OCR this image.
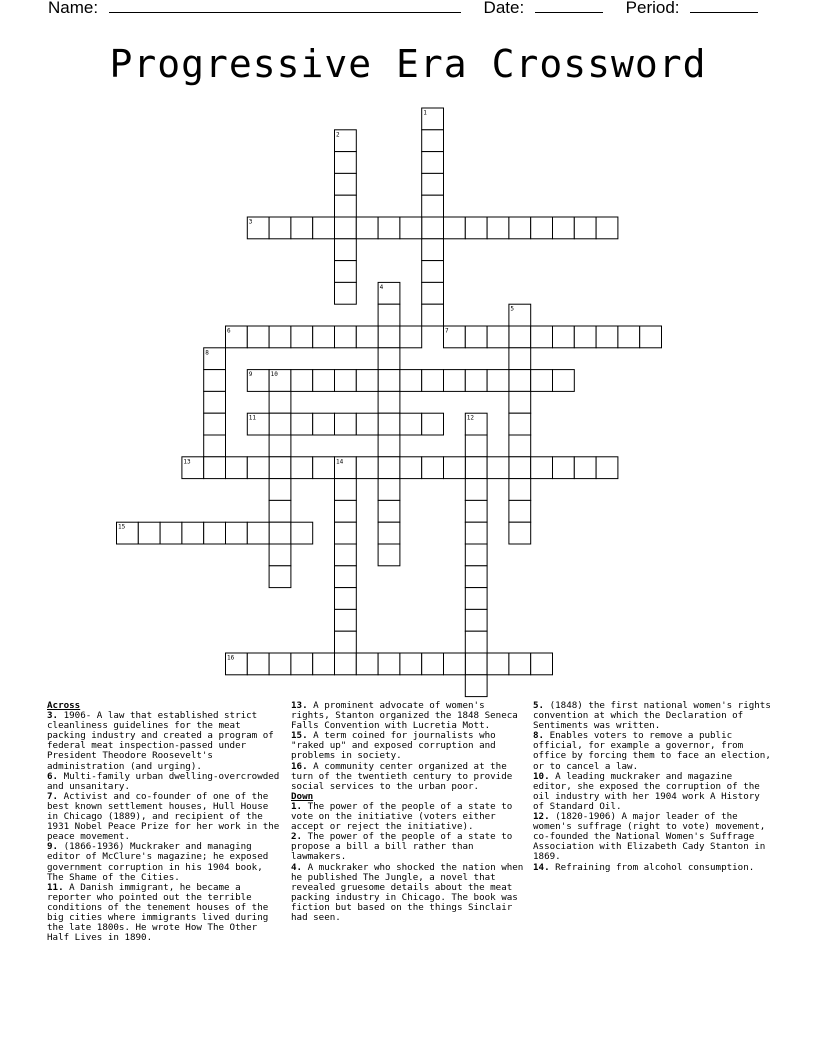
Name:	Date:	Period:
Progressive Era Crossword
1
2
3
4
5
6	7
8
9	10
11	12
13	14
15
16

Across

3. 1906- A law that established strict cleanliness guidelines for the meat packing industry and created a program of federal meat inspection-passed under President Theodore Roosevelt's administration (and urging).

6. Multi-family urban dwelling-overcrowded and unsanitary.

7. Activist and co-founder of one of the best known settlement houses, Hull House in Chicago (1889), and recipient of the 1931 Nobel Peace Prize for her work in the peace movement.

9. (1866-1936) Muckraker and managing editor of McClure's magazine; he exposed government corruption in his 1904 book, The Shame of the Cities.

11. A Danish immigrant, he became a reporter who pointed out the terrible conditions of the tenement houses of the big cities where immigrants lived during the late 1800s. He wrote How The Other Half Lives in 1890.

13. A prominent advocate of women's rights, Stanton organized the 1848 Seneca Falls Convention with Lucretia Mott.

15. A term coined for journalists who "raked up" and exposed corruption and problems in society.

16. A community center organized at the turn of the twentieth century to provide social services to the urban poor.

Down

1. The power of the people of a state to vote on the initiative (voters either accept or reject the initiative).

2. The power of the people of a state to propose a bill a bill rather than lawmakers.

4. A muckraker who shocked the nation when he published The Jungle, a novel that revealed gruesome details about the meat packing industry in Chicago. The book was fiction but based on the things Sinclair had seen.

5. (1848) the first national women's rights convention at which the Declaration of Sentiments was written.

8. Enables voters to remove a public official, for example a governor, from office by forcing them to face an election, or to cancel a law.

10. A leading muckraker and magazine editor, she exposed the corruption of the oil industry with her 1904 work A History of Standard Oil.

12. (1820-1906) A major leader of the women's suffrage (right to vote) movement, co-founded the National Women's Suffrage Association with Elizabeth Cady Stanton in 1869.

14. Refraining from alcohol consumption.
